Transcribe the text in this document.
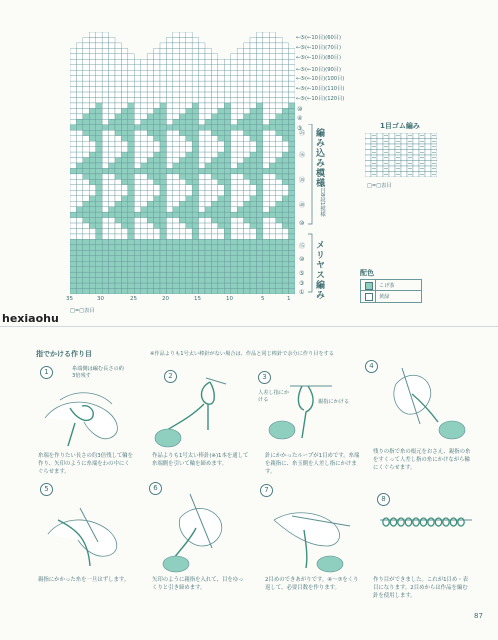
35	30	25	20	15	10	5	1
←⑤(←10目)(60目)
←⑤(←10目)(70目)
←⑤(←10目)(80目)
←⑤(←10目)(90目)
←⑤(←10目)(100目)
←⑤(←10目)(110目)
←⑤(←10目)(120目)
⑩
④
③
⑯
㊳
㊵
㉕
⑩
⑮
⑩
⑤
③
①
編み込み模様
5目8段1模様
メリヤス編み
□=□表目
1目ゴム編み
□=□表目
配色
こげ茶
黄緑
hexiaohu
指でかける作り目	※作品よりも1号太い棒針がない場合は、作品と同じ棒針で余分に作り目をする
1	2	3
4
5	6	7
8
糸端側は編む長さの約3倍残す
人差し指にかける	親指にかける
糸端を作りたい長さの約3倍残して輪を作り、矢印のように糸端をわの中にくぐらせます。
作品よりも1号太い棒針(※)1本を通して糸端側を引いて輪を締めます。
針にかかったループが1目めです。糸端を親指に、糸玉側を人差し指にかけます。
残りの指で糸の根元をおさえ、親指の糸をすくって人差し指の糸にかけながら輪にくぐらせます。
親指にかかった糸を一旦はずします。	矢印のように親指を入れて、目をゆっくりと引き締めます。
2目めのできあがりです。④〜⑦をくり返して、必要目数を作ります。
作り目ができました。これが1目め・表目になります。2目めからは作品を編む針を使用します。
87
